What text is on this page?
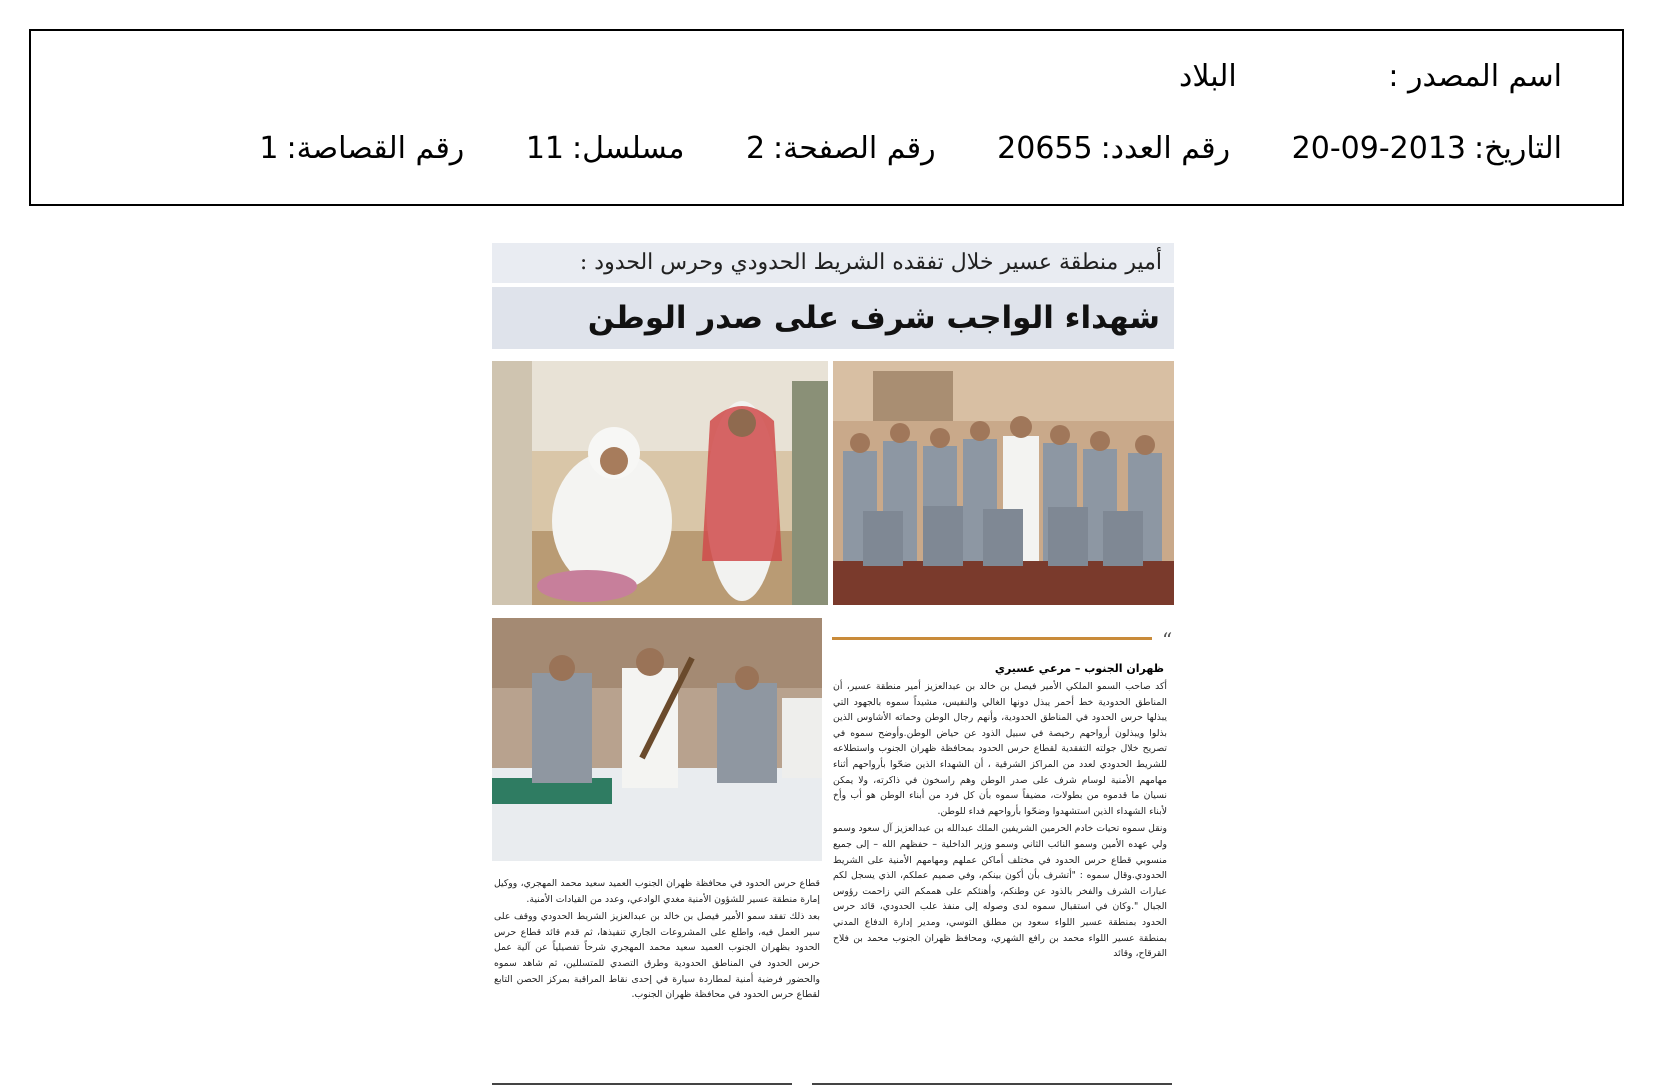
اسم المصدر : البلاد
التاريخ:2013-09-20 رقم العدد:20655 رقم الصفحة:2 مسلسل:11 رقم القصاصة:1
أمير منطقة عسير خلال تفقده الشريط الحدودي وحرس الحدود :
شهداء الواجب شرف على صدر الوطن
“
ظهران الجنوب – مرعي عسيري

أكد صاحب السمو الملكي الأمير فيصل بن خالد بن عبدالعزيز أمير منطقة عسير، أن المناطق الحدودية خط أحمر يبذل دونها الغالي والنفيس، مشيداً سموه بالجهود التي يبذلها حرس الحدود في المناطق الحدودية، وأنهم رجال الوطن وحماته الأشاوس الذين بذلوا ويبذلون أرواحهم رخيصة في سبيل الذود عن حياض الوطن.وأوضح سموه في تصريح خلال جولته التفقدية لقطاع حرس الحدود بمحافظة ظهران الجنوب واستطلاعه للشريط الحدودي لعدد من المراكز الشرقية ، أن الشهداء الذين ضحّوا بأرواحهم أثناء مهامهم الأمنية لوسام شرف على صدر الوطن وهم راسخون في ذاكرته، ولا يمكن نسيان ما قدموه من بطولات، مضيفاً سموه بأن كل فرد من أبناء الوطن هو أب وأخ لأبناء الشهداء الذين استشهدوا وضحّوا بأرواحهم فداء للوطن.

ونقل سموه تحيات خادم الحرمين الشريفين الملك عبدالله بن عبدالعزيز آل سعود وسمو ولي عهده الأمين وسمو النائب الثاني وسمو وزير الداخلية – حفظهم الله – إلى جميع منسوبي قطاع حرس الحدود في مختلف أماكن عملهم ومهامهم الأمنية على الشريط الحدودي.وقال سموه : "أتشرف بأن أكون بينكم، وفي صميم عملكم، الذي يسجل لكم عبارات الشرف والفخر بالذود عن وطنكم، وأهنئكم على هممكم التي زاحمت رؤوس الجبال ".وكان في استقبال سموه لدى وصوله إلى منفذ علب الحدودي، قائد حرس الحدود بمنطقة عسير اللواء سعود بن مطلق التوسي، ومدير إدارة الدفاع المدني بمنطقة عسير اللواء محمد بن رافع الشهري، ومحافظ ظهران الجنوب محمد بن فلاح القرقاح، وقائد

قطاع حرس الحدود في محافظة ظهران الجنوب العميد سعيد محمد المهجري، ووكيل إمارة منطقة عسير للشؤون الأمنية مغدي الوادعي، وعدد من القيادات الأمنية.

بعد ذلك تفقد سمو الأمير فيصل بن خالد بن عبدالعزيز الشريط الحدودي ووقف على سير العمل فيه، واطلع على المشروعات الجاري تنفيذها، ثم قدم قائد قطاع حرس الحدود بظهران الجنوب العميد سعيد محمد المهجري شرحاً تفصيلياً عن آلية عمل حرس الحدود في المناطق الحدودية وطرق التصدي للمتسللين، ثم شاهد سموه والحضور فرضية أمنية لمطاردة سيارة في إحدى نقاط المراقبة بمركز الحصن التابع لقطاع حرس الحدود في محافظة ظهران الجنوب.
